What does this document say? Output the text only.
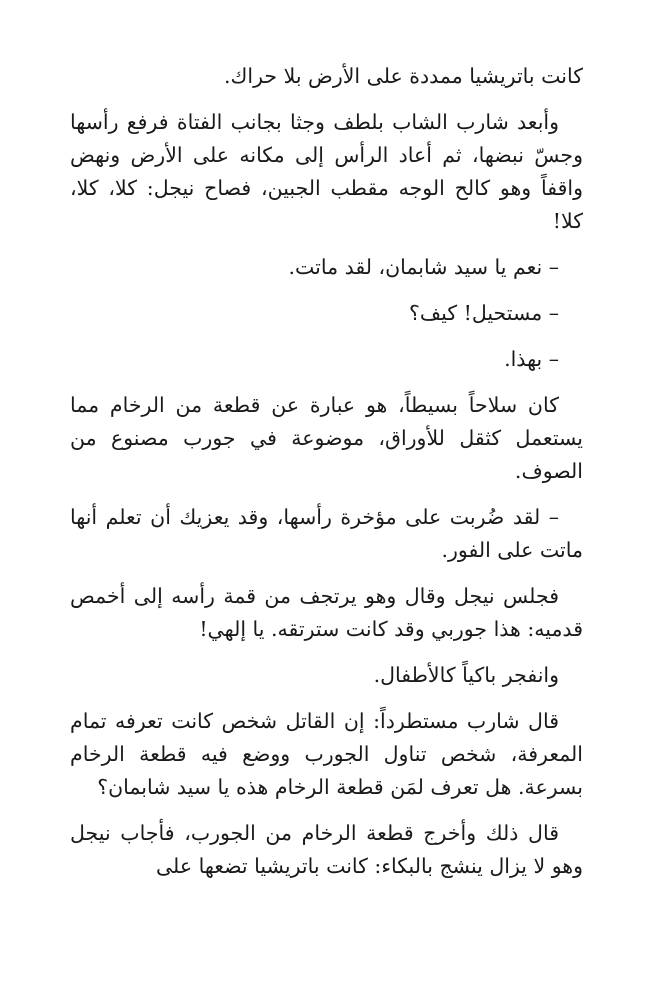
كانت باتريشيا ممددة على الأرض بلا حراك.

وأبعد شارب الشاب بلطف وجثا بجانب الفتاة فرفع رأسها وجسّ نبضها، ثم أعاد الرأس إلى مكانه على الأرض ونهض واقفاً وهو كالح الوجه مقطب الجبين، فصاح نيجل: كلا، كلا، كلا!

– نعم يا سيد شابمان، لقد ماتت.

– مستحيل! كيف؟

– بهذا.

كان سلاحاً بسيطاً، هو عبارة عن قطعة من الرخام مما يستعمل كثقل للأوراق، موضوعة في جورب مصنوع من الصوف.

– لقد ضُربت على مؤخرة رأسها، وقد يعزيك أن تعلم أنها ماتت على الفور.

فجلس نيجل وقال وهو يرتجف من قمة رأسه إلى أخمص قدميه: هذا جوربي وقد كانت سترتقه. يا إلهي!

وانفجر باكياً كالأطفال.

قال شارب مستطرداً: إن القاتل شخص كانت تعرفه تمام المعرفة، شخص تناول الجورب ووضع فيه قطعة الرخام بسرعة. هل تعرف لمَن قطعة الرخام هذه يا سيد شابمان؟

قال ذلك وأخرج قطعة الرخام من الجورب، فأجاب نيجل وهو لا يزال ينشج بالبكاء: كانت باتريشيا تضعها على
